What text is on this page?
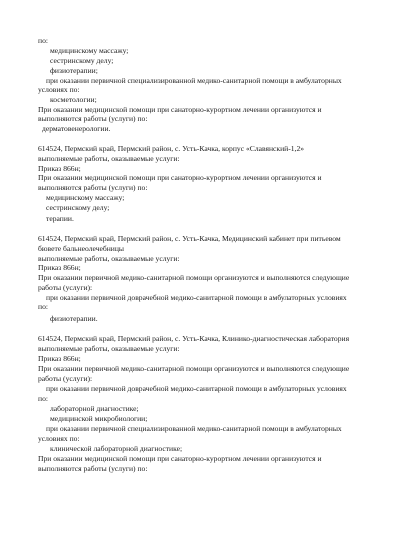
по:
медицинскому массажу;
сестринскому делу;
физиотерапии;
при оказании первичной специализированной медико-санитарной помощи в амбулаторных
условиях по:
косметологии;
При оказании медицинской помощи при санаторно-курортном лечении организуются и
выполняются работы (услуги) по:
дерматовенерологии.
614524, Пермский край, Пермский район, с. Усть-Качка, корпус «Славянский-1,2»
выполняемые работы, оказываемые услуги:
Приказ 866н;
При оказании медицинской помощи при санаторно-курортном лечении организуются и
выполняются работы (услуги) по:
медицинскому массажу;
сестринскому делу;
терапии.
614524, Пермский край, Пермский район, с. Усть-Качка, Медицинский кабинет при питьевом
бювете бальнеолечебницы
выполняемые работы, оказываемые услуги:
Приказ 866н;
При оказании первичной медико-санитарной помощи организуются и выполняются следующие
работы (услуги):
при оказании первичной доврачебной медико-санитарной помощи в амбулаторных условиях
по:
физиотерапии.
614524, Пермский край, Пермский район, с. Усть-Качка, Клинико-диагностическая лаборатория
выполняемые работы, оказываемые услуги:
Приказ 866н;
При оказании первичной медико-санитарной помощи организуются и выполняются следующие
работы (услуги):
при оказании первичной доврачебной медико-санитарной помощи в амбулаторных условиях
по:
лабораторной диагностике;
медицинской микробиологии;
при оказании первичной специализированной медико-санитарной помощи в амбулаторных
условиях по:
клинической лабораторной диагностике;
При оказании медицинской помощи при санаторно-курортном лечении организуются и
выполняются работы (услуги) по:
